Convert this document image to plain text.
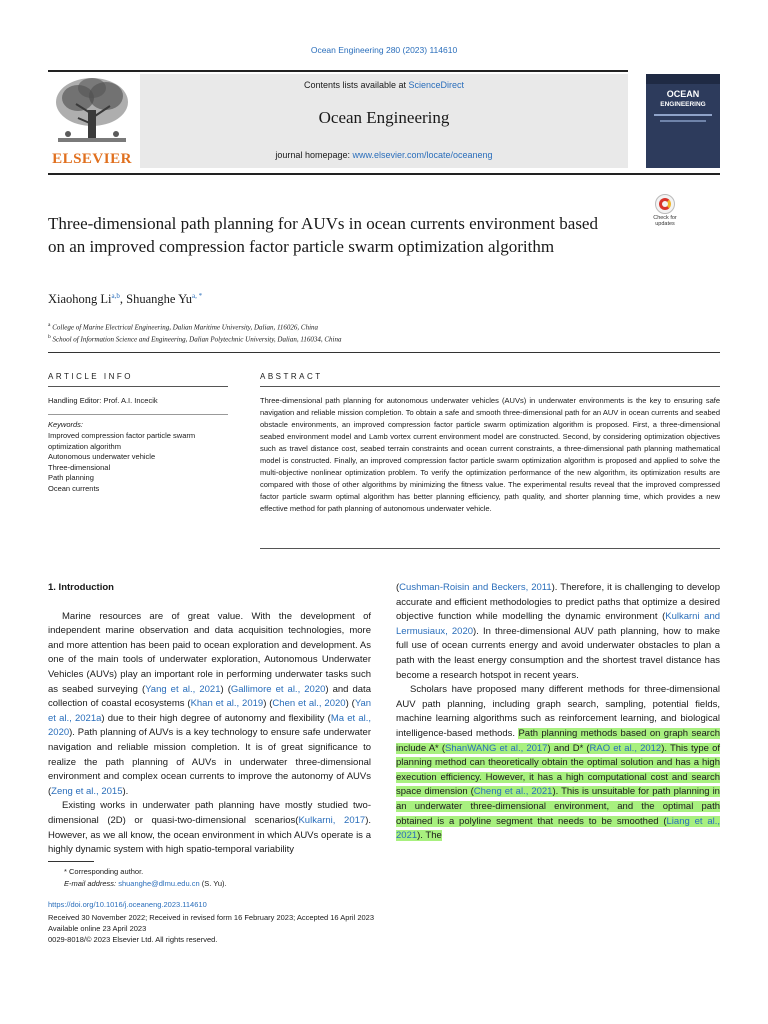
Ocean Engineering 280 (2023) 114610
ELSEVIER
Contents lists available at ScienceDirect
Ocean Engineering
journal homepage: www.elsevier.com/locate/oceaneng
OCEAN
ENGINEERING
Three-dimensional path planning for AUVs in ocean currents environment based on an improved compression factor particle swarm optimization algorithm
Check for
updates
Xiaohong Li$^{a,b}$, Shuanghe $Yu^{a, *}$
$^a$ College of Marine Electrical Engineering, Dalian Maritime University, Dalian, 116026, China
$^b$ School of Information Science and Engineering, Dalian Polytechnic University, Dalian, 116034, China
ARTICLE INFO
Handling Editor: Prof. A.I. Incecik
Keywords:
Improved compression factor particle swarm
optimization algorithm
Autonomous underwater vehicle
Three-dimensional
Path planning
Ocean currents
ABSTRACT
Three-dimensional path planning for autonomous underwater vehicles (AUVs) in underwater environments is the key to ensuring safe navigation and reliable mission completion. To obtain a safe and smooth three-dimensional path for an AUV in ocean currents and seabed obstacle environments, an improved compression factor particle swarm optimization algorithm is proposed. First, a three-dimensional seabed environment model and Lamb vortex current environment model are constructed. Second, by considering optimization objectives such as travel distance cost, seabed terrain constraints and ocean current constraints, a three-dimensional path planning mathematical model is constructed. Finally, an improved compression factor particle swarm optimization algorithm is proposed and applied to solve the multi-objective nonlinear optimization problem. To verify the optimization performance of the new algorithm, its optimization results are compared with those of other algorithms by minimizing the fitness value. The experimental results reveal that the improved compressed factor particle swarm optimal algorithm has better planning efficiency, path quality, and shorter planning time, which provides a new effective method for path planning of autonomous underwater vehicle.
1. Introduction

Marine resources are of great value. With the development of independent marine observation and data acquisition technologies, more and more attention has been paid to ocean exploration and development. As one of the main tools of underwater exploration, Autonomous Underwater Vehicles (AUVs) play an important role in performing underwater tasks such as seabed surveying (Yang et al., 2021) (Gallimore et al., 2020) and data collection of coastal ecosystems (Khan et al., 2019) (Chen et al., 2020) (Yan et al., 2021a) due to their high degree of autonomy and flexibility (Ma et al., 2020). Path planning of AUVs is a key technology to ensure safe underwater navigation and reliable mission completion. It is of great significance to realize the path planning of AUVs in underwater three-dimensional environment and complex ocean currents to improve the autonomy of AUVs (Zeng et al., 2015).

Existing works in underwater path planning have mostly studied two-dimensional (2D) or quasi-two-dimensional scenarios(Kulkarni, 2017). However, as we all know, the ocean environment in which AUVs operate is a highly dynamic system with high spatio-temporal variability

(Cushman-Roisin and Beckers, 2011). Therefore, it is challenging to develop accurate and efficient methodologies to predict paths that optimize a desired objective function while modelling the dynamic environment (Kulkarni and Lermusiaux, 2020). In three-dimensional AUV path planning, how to make full use of ocean currents energy and avoid underwater obstacles to plan a path with the least energy consumption and the shortest travel distance has become a research hotspot in recent years.

Scholars have proposed many different methods for three-dimensional AUV path planning, including graph search, sampling, potential fields, machine learning algorithms such as reinforcement learning, and biological intelligence-based methods. Path planning methods based on graph search include A* (ShanWANG et al., 2017) and D* (RAO et al., 2012). This type of planning method can theoretically obtain the optimal solution and has a high execution efficiency. However, it has a high computational cost and search space dimension (Cheng et al., 2021). This is unsuitable for path planning in an underwater three-dimensional environment, and the optimal path obtained is a polyline segment that needs to be smoothed (Liang et al., 2021). The

* Corresponding author.
E-mail address: shuanghe@dlmu.edu.cn (S. Yu).
https://doi.org/10.1016/j.oceaneng.2023.114610
Received 30 November 2022; Received in revised form 16 February 2023; Accepted 16 April 2023
Available online 23 April 2023
0029-8018/© 2023 Elsevier Ltd. All rights reserved.
